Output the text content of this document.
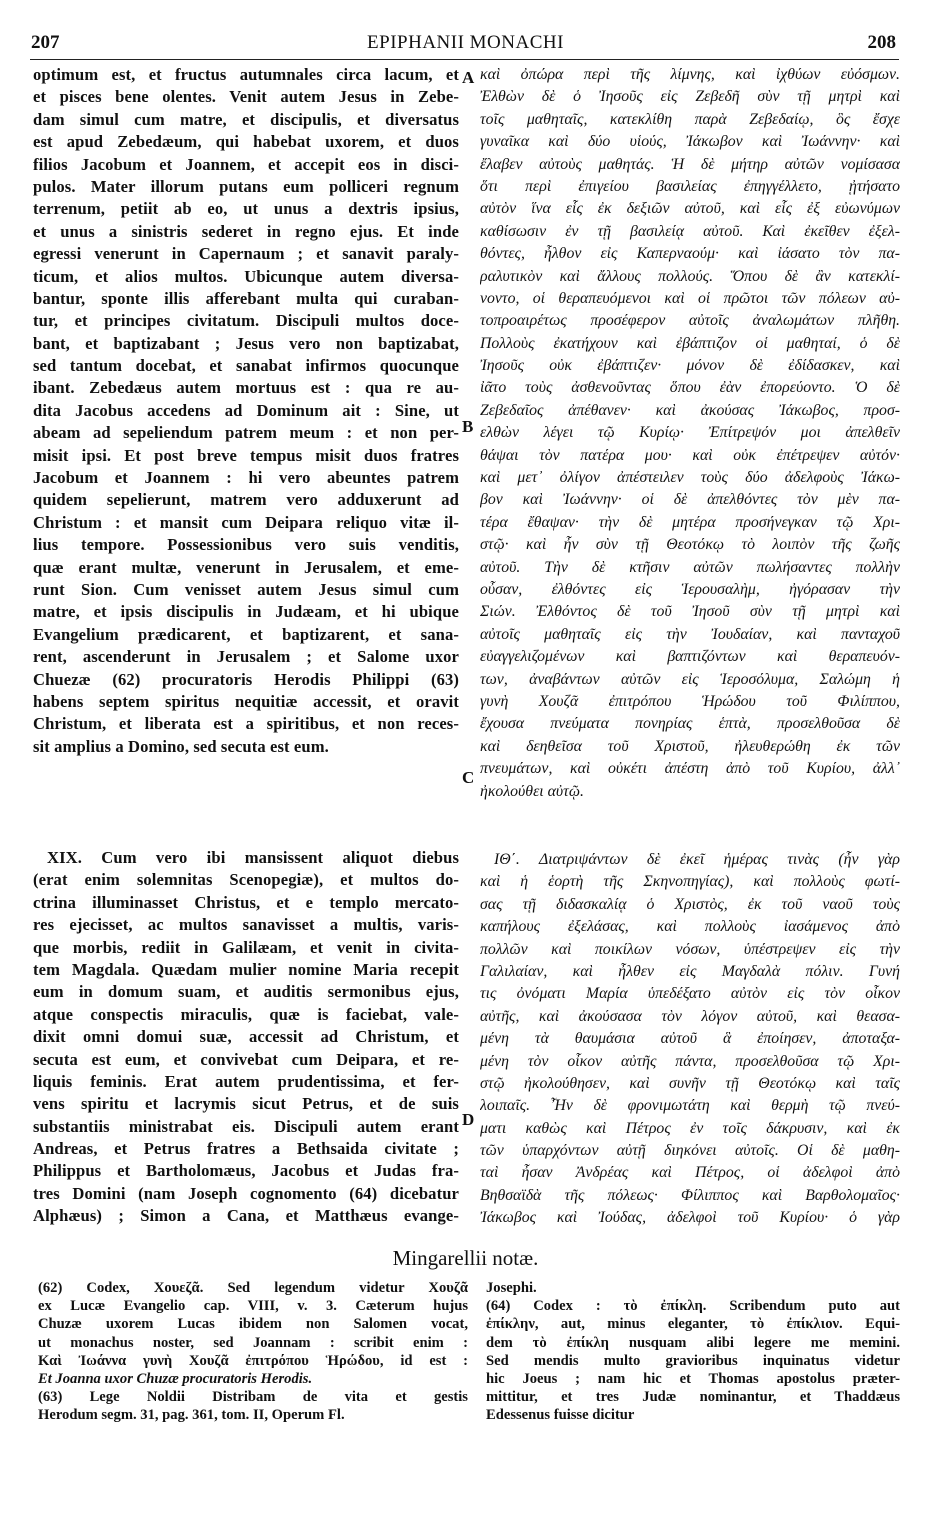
207	EPIPHANII MONACHI	208
optimum est, et fructus autumnales circa lacum, et
et pisces bene olentes. Venit autem Jesus in Zebe-
dam simul cum matre, et discipulis, et diversatus
est apud Zebedæum, qui habebat uxorem, et duos
filios Jacobum et Joannem, et accepit eos in disci-
pulos. Mater illorum putans eum polliceri regnum
terrenum, petiit ab eo, ut unus a dextris ipsius,
et unus a sinistris sederet in regno ejus. Et inde
egressi venerunt in Capernaum ; et sanavit paraly-
ticum, et alios multos. Ubicunque autem diversa-
bantur, sponte illis afferebant multa qui curaban-
tur, et principes civitatum. Discipuli multos doce-
bant, et baptizabant ; Jesus vero non baptizabat,
sed tantum docebat, et sanabat infirmos quocunque
ibant. Zebedæus autem mortuus est : qua re au-
dita Jacobus accedens ad Dominum ait : Sine, ut
abeam ad sepeliendum patrem meum : et non per-
misit ipsi. Et post breve tempus misit duos fratres
Jacobum et Joannem : hi vero abeuntes patrem
quidem sepelierunt, matrem vero adduxerunt ad
Christum : et mansit cum Deipara reliquo vitæ il-
lius tempore. Possessionibus vero suis venditis,
quæ erant multæ, venerunt in Jerusalem, et eme-
runt Sion. Cum venisset autem Jesus simul cum
matre, et ipsis discipulis in Judæam, et hi ubique
Evangelium prædicarent, et baptizarent, et sana-
rent, ascenderunt in Jerusalem ; et Salome uxor
Chuezæ (62) procuratoris Herodis Philippi (63)
habens septem spiritus nequitiæ accessit, et oravit
Christum, et liberata est a spiritibus, et non reces-
sit amplius a Domino, sed secuta est eum.
XIX. Cum vero ibi mansissent aliquot diebus
(erat enim solemnitas Scenopegiæ), et multos do-
ctrina illuminasset Christus, et e templo mercato-
res ejecisset, ac multos sanavisset a multis, varis-
que morbis, rediit in Galilæam, et venit in civita-
tem Magdala. Quædam mulier nomine Maria recepit
eum in domum suam, et auditis sermonibus ejus,
atque conspectis miraculis, quæ is faciebat, vale-
dixit omni domui suæ, accessit ad Christum, et
secuta est eum, et convivebat cum Deipara, et re-
liquis feminis. Erat autem prudentissima, et fer-
vens spiritu et lacrymis sicut Petrus, et de suis
substantiis ministrabat eis. Discipuli autem erant
Andreas, et Petrus fratres a Bethsaida civitate ;
Philippus et Bartholomæus, Jacobus et Judas fra-
tres Domini (nam Joseph cognomento (64) dicebatur
Alphæus) ; Simon a Cana, et Matthæus evange-
καὶ ὀπώρα περὶ τῆς λίμνης, καὶ ἰχθύων εὐόσμων.
Ἐλθὼν δὲ ὁ Ἰησοῦς εἰς Ζεβεδῆ σὺν τῇ μητρὶ καὶ
τοῖς μαθηταῖς, κατεκλίθη παρὰ Ζεβεδαίῳ, ὃς ἔσχε
γυναῖκα καὶ δύο υἱούς, Ἰάκωβον καὶ Ἰωάννην· καὶ
ἔλαβεν αὐτοὺς μαθητάς. Ἡ δὲ μήτηρ αὐτῶν νομίσασα
ὅτι περὶ ἐπιγείου βασιλείας ἐπηγγέλλετο, ᾐτήσατο
αὐτὸν ἵνα εἷς ἐκ δεξιῶν αὐτοῦ, καὶ εἷς ἐξ εὐωνύμων
καθίσωσιν ἐν τῇ βασιλείᾳ αὐτοῦ. Καὶ ἐκεῖθεν ἐξελ-
θόντες, ἦλθον εἰς Καπερναούμ· καὶ ἰάσατο τὸν πα-
ραλυτικὸν καὶ ἄλλους πολλούς. Ὅπου δὲ ἂν κατεκλί-
νοντο, οἱ θεραπευόμενοι καὶ οἱ πρῶτοι τῶν πόλεων αὐ-
τοπροαιρέτως προσέφερον αὐτοῖς ἀναλωμάτων πλῆθη.
Πολλοὺς ἐκατήχουν καὶ ἐβάπτιζον οἱ μαθηταί, ὁ δὲ
Ἰησοῦς οὐκ ἐβάπτιζεν· μόνον δὲ ἐδίδασκεν, καὶ
ἰᾶτο τοὺς ἀσθενοῦντας ὅπου ἐὰν ἐπορεύοντο. Ὁ δὲ
Ζεβεδαῖος ἀπέθανεν· καὶ ἀκούσας Ἰάκωβος, προσ-
ελθὼν λέγει τῷ Κυρίῳ· Ἐπίτρεψόν μοι ἀπελθεῖν
θάψαι τὸν πατέρα μου· καὶ οὐκ ἐπέτρεψεν αὐτόν·
καὶ μετ᾽ ὀλίγον ἀπέστειλεν τοὺς δύο ἀδελφοὺς Ἰάκω-
βον καὶ Ἰωάννην· οἱ δὲ ἀπελθόντες τὸν μὲν πα-
τέρα ἔθαψαν· τὴν δὲ μητέρα προσήνεγκαν τῷ Χρι-
στῷ· καὶ ἦν σὺν τῇ Θεοτόκῳ τὸ λοιπὸν τῆς ζωῆς
αὐτοῦ. Τὴν δὲ κτῆσιν αὐτῶν πωλήσαντες πολλὴν
οὖσαν, ἐλθόντες εἰς Ἱερουσαλὴμ, ἠγόρασαν τὴν
Σιών. Ἐλθόντος δὲ τοῦ Ἰησοῦ σὺν τῇ μητρὶ καὶ
αὐτοῖς μαθηταῖς εἰς τὴν Ἰουδαίαν, καὶ πανταχοῦ
εὐαγγελιζομένων καὶ βαπτιζόντων καὶ θεραπευόν-
των, ἀναβάντων αὐτῶν εἰς Ἱεροσόλυμα, Σαλώμη ἡ
γυνὴ Χουζᾶ ἐπιτρόπου Ἡρώδου τοῦ Φιλίππου,
ἔχουσα πνεύματα πονηρίας ἑπτὰ, προσελθοῦσα δὲ
καὶ δεηθεῖσα τοῦ Χριστοῦ, ἠλευθερώθη ἐκ τῶν
πνευμάτων, καὶ οὐκέτι ἀπέστη ἀπὸ τοῦ Κυρίου, ἀλλ᾽
ἠκολούθει αὐτῷ.
ΙΘ΄. Διατριψάντων δὲ ἐκεῖ ἡμέρας τινὰς (ἦν γὰρ
καὶ ἡ ἑορτὴ τῆς Σκηνοπηγίας), καὶ πολλοὺς φωτί-
σας τῇ διδασκαλίᾳ ὁ Χριστὸς, ἐκ τοῦ ναοῦ τοὺς
καπήλους ἐξελάσας, καὶ πολλοὺς ἰασάμενος ἀπὸ
πολλῶν καὶ ποικίλων νόσων, ὑπέστρεψεν εἰς τὴν
Γαλιλαίαν, καὶ ἦλθεν εἰς Μαγδαλὰ πόλιν. Γυνή
τις ὀνόματι Μαρία ὑπεδέξατο αὐτὸν εἰς τὸν οἶκον
αὐτῆς, καὶ ἀκούσασα τὸν λόγον αὐτοῦ, καὶ θεασα-
μένη τὰ θαυμάσια αὐτοῦ ἃ ἐποίησεν, ἀποταξα-
μένη τὸν οἶκον αὐτῆς πάντα, προσελθοῦσα τῷ Χρι-
στῷ ἠκολούθησεν, καὶ συνῆν τῇ Θεοτόκῳ καὶ ταῖς
λοιπαῖς. Ἦν δὲ φρονιμωτάτη καὶ θερμὴ τῷ πνεύ-
ματι καθὼς καὶ Πέτρος ἐν τοῖς δάκρυσιν, καὶ ἐκ
τῶν ὑπαρχόντων αὐτῇ διηκόνει αὐτοῖς. Οἱ δὲ μαθη-
ταὶ ἦσαν Ἀνδρέας καὶ Πέτρος, οἱ ἀδελφοὶ ἀπὸ
Βηθσαϊδὰ τῆς πόλεως· Φίλιππος καὶ Βαρθολομαῖος·
Ἰάκωβος καὶ Ἰούδας, ἀδελφοὶ τοῦ Κυρίου· ὁ γὰρ
A
B
C
D
Mingarellii notæ.
(62) Codex, Χουεζᾶ. Sed legendum videtur Χουζᾶ
ex Lucæ Evangelio cap. VIII, v. 3. Cæterum hujus
Chuzæ uxorem Lucas ibidem non Salomen vocat,
ut monachus noster, sed Joannam : scribit enim :
Καὶ Ἰωάννα γυνὴ Χουζᾶ ἐπιτρόπου Ἡρώδου, id est :
Et Joanna uxor Chuzæ procuratoris Herodis.
(63) Lege Noldii Distribam de vita et gestis
Herodum segm. 31, pag. 361, tom. II, Operum Fl.
Josephi.
(64) Codex : τὸ ἐπίκλη. Scribendum puto aut
ἐπίκλην, aut, minus eleganter, τὸ ἐπίκλιον. Equi-
dem τὸ ἐπίκλη nusquam alibi legere me memini.
Sed mendis multo gravioribus inquinatus videtur
hic Joeus ; nam hic et Thomas apostolus præter-
mittitur, et tres Judæ nominantur, et Thaddæus
Edessenus fuisse dicitur
